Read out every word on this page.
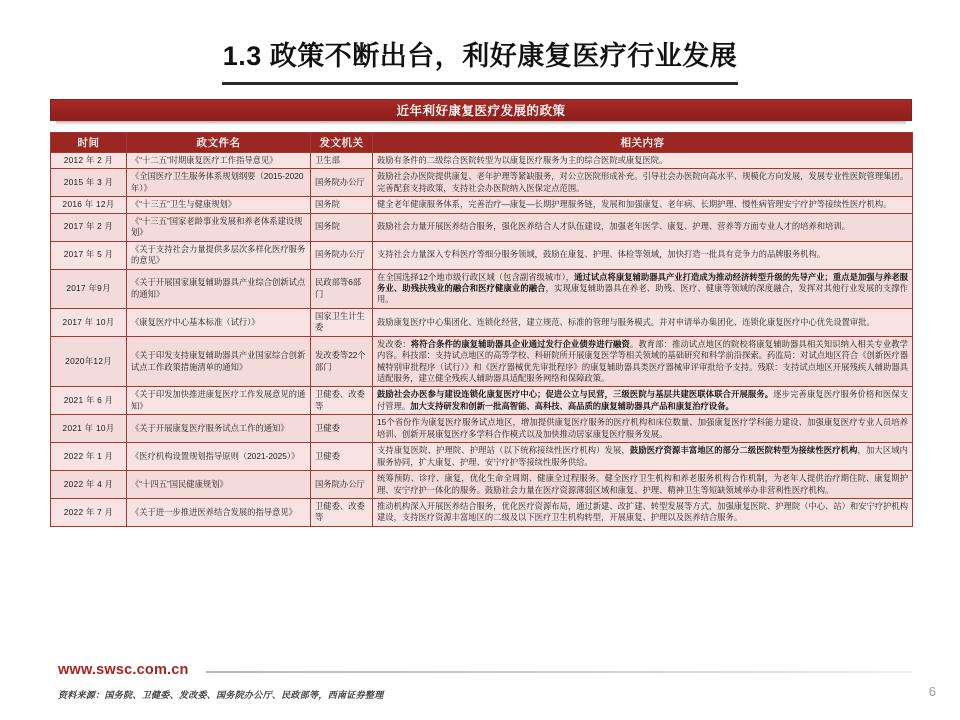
1.3 政策不断出台，利好康复医疗行业发展
近年利好康复医疗发展的政策
时间	政文件名	发文机关	相关内容
2012 年 2 月	《“十二五”时期康复医疗工作指导意见》	卫生部	鼓励有条件的二级综合医院转型为以康复医疗服务为主的综合医院或康复医院。
2015 年 3 月	《全国医疗卫生服务体系规划纲要（2015-2020 年）》	国务院办公厅	鼓励社会办医院提供康复、老年护理等紧缺服务，对公立医院形成补充。引导社会办医院向高水平、规模化方向发展，发展专业性医院管理集团。完善配套支持政策，支持社会办医院纳入医保定点范围。
2016 年 12月	《“十三五”卫生与健康规划》	国务院	健全老年健康服务体系，完善治疗—康复—长期护理服务链，发展和加强康复、老年病、长期护理、慢性病管理安宁疗护等接续性医疗机构。
2017 年 2 月	《“十三五”国家老龄事业发展和养老体系建设规划》	国务院	鼓励社会力量开展医养结合服务，强化医养结合人才队伍建设，加强老年医学、康复、护理、营养等方面专业人才的培养和培训。
2017 年 5 月	《关于支持社会力量提供多层次多样化医疗服务的意见》	国务院办公厅	支持社会力量深入专科医疗等细分服务领域，鼓励在康复、护理、体检等领域，加快打造一批具有竞争力的品牌服务机构。
2017 年9月	《关于开展国家康复辅助器具产业综合创新试点的通知》	民政部等6部门	在全国选择12个地市级行政区域（包含副省级城市），通过试点将康复辅助器具产业打造成为推动经济转型升级的先导产业；重点是加强与养老服务业、助残扶残业的融合和医疗健康业的融合，实现康复辅助器具在养老、助残、医疗、健康等领域的深度融合，发挥对其他行业发展的支撑作用。
2017 年 10月	《康复医疗中心基本标准（试行）》	国家卫生计生委	鼓励康复医疗中心集团化、连锁化经营，建立规范、标准的管理与服务模式。并对申请举办集团化、连锁化康复医疗中心优先设置审批。
2020年12月	《关于印发支持康复辅助器具产业国家综合创新试点工作政策措施清单的通知》	发改委等22个部门	发改委：将符合条件的康复辅助器具企业通过发行企业债券进行融资。教育部：推动试点地区的院校将康复辅助器具相关知识纳入相关专业教学内容。科技部：支持试点地区的高等学校、科研院所开展康复医学等相关领域的基础研究和科学前沿探索。药监局：对试点地区符合《创新医疗器械特别审批程序（试行）》和《医疗器械优先审批程序》的康复辅助器具类医疗器械审评审批给予支持。残联：支持试点地区开展残疾人辅助器具适配服务，建立健全残疾人辅助器具适配服务网络和保障政策。
2021 年 6 月	《关于印发加快推进康复医疗工作发展意见的通知》	卫健委、改委等	鼓励社会办医参与建设连锁化康复医疗中心；促进公立与民营，三级医院与基层共建医联体联合开展服务。逐步完善康复医疗服务价格和医保支付管理。加大支持研发和创新一批高智能、高科技、高品质的康复辅助器具产品和康复治疗设备。
2021 年 10月	《关于开展康复医疗服务试点工作的通知》	卫健委	15个省份作为康复医疗服务试点地区，增加提供康复医疗服务的医疗机构和床位数量、加强康复医疗学科能力建设、加强康复医疗专业人员培养培训、创新开展康复医疗多学科合作模式以及加快推动居家康复医疗服务发展。
2022 年 1 月	《医疗机构设置规划指导原则（2021-2025）》	卫健委	支持康复医院、护理院、护理站（以下统称接续性医疗机构）发展，鼓励医疗资源丰富地区的部分二级医院转型为接续性医疗机构，加大区域内服务协同，扩大康复、护理、安宁疗护等接续性服务供给。
2022 年 4 月	《“十四五”国民健康规划》	国务院办公厅	统筹预防、诊疗、康复，优化生命全周期、健康全过程服务。健全医疗卫生机构和养老服务机构合作机制，为老年人提供治疗期住院、康复期护理、安宁疗护一体化的服务。鼓励社会力量在医疗资源薄弱区域和康复、护理、精神卫生等短缺领域举办非营利性医疗机构。
2022 年 7 月	《关于进一步推进医养结合发展的指导意见》	卫健委、改委等	推动机构深入开展医养结合服务，优化医疗资源布局，通过新建、改扩建、转型发展等方式，加强康复医院、护理院（中心、站）和安宁疗护机构建设，支持医疗资源丰富地区的二级及以下医疗卫生机构转型，开展康复、护理以及医养结合服务。
www.swsc.com.cn
资料来源：国务院、卫健委、发改委、国务院办公厅、民政部等，西南证券整理	6
